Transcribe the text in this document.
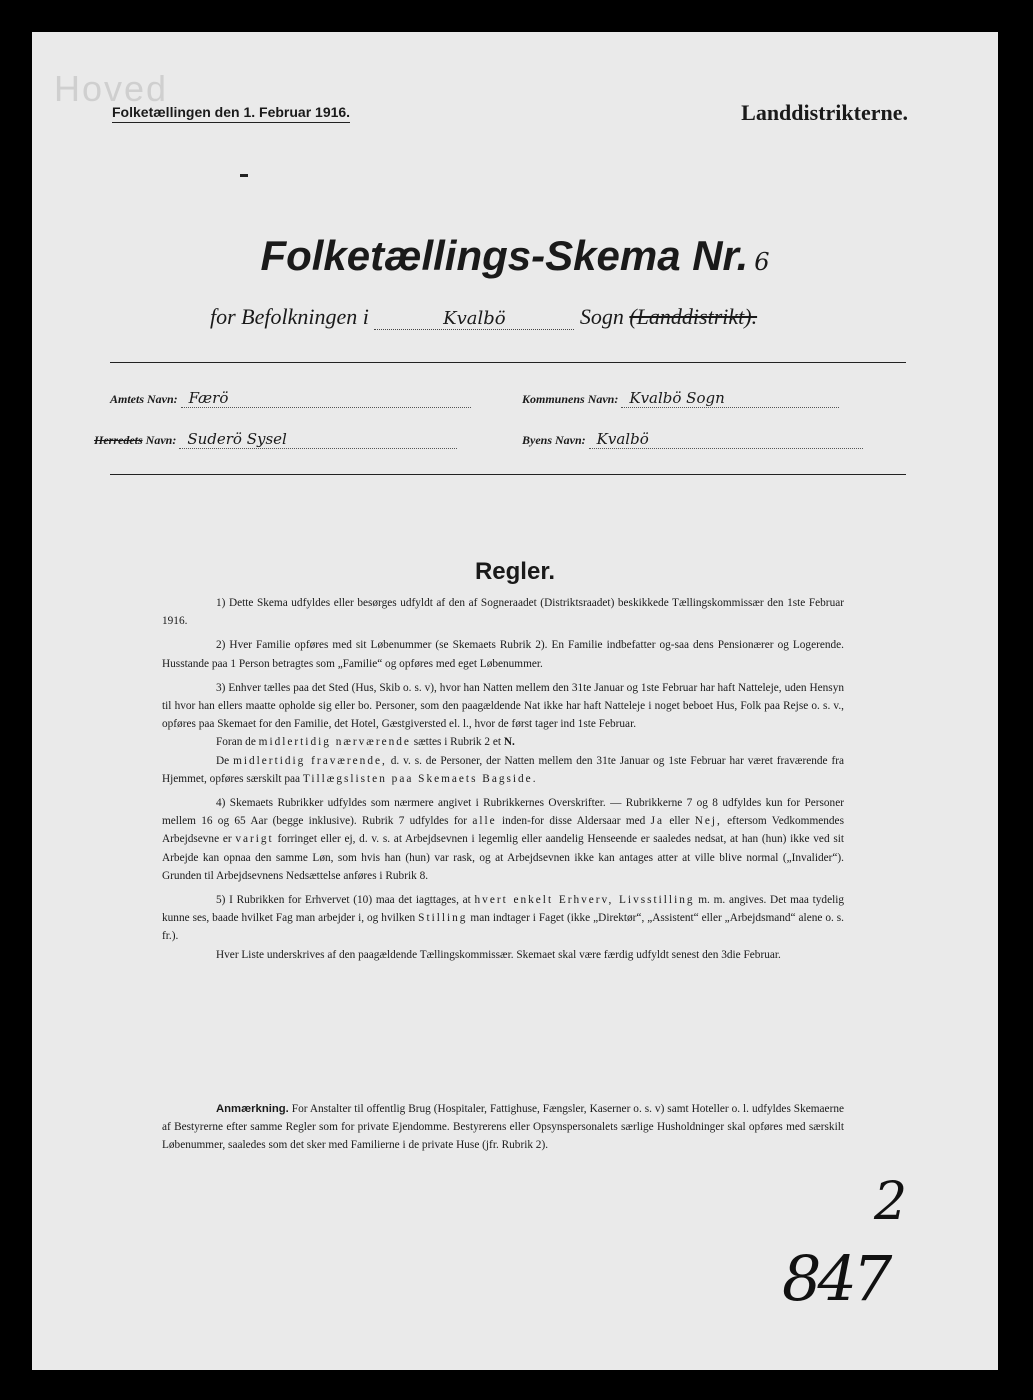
Hoved
Folketællingen den 1. Februar 1916.	Landdistrikterne.
Folketællings-Skema Nr. 6
for Befolkningen i	Kvalbö	Sogn (Landdistrikt).
Amtets Navn: Færö	Kommunens Navn: Kvalbö Sogn
Herredets Navn: Suderö Sysel	Byens Navn: Kvalbö
Regler.

1) Dette Skema udfyldes eller besørges udfyldt af den af Sogneraadet (Distriktsraadet) beskikkede Tællingskommissær den 1ste Februar 1916.

2) Hver Familie opføres med sit Løbenummer (se Skemaets Rubrik 2). En Familie indbefatter og-saa dens Pensionærer og Logerende. Husstande paa 1 Person betragtes som „Familie“ og opføres med eget Løbenummer.

3) Enhver tælles paa det Sted (Hus, Skib o. s. v), hvor han Natten mellem den 31te Januar og 1ste Februar har haft Natteleje, uden Hensyn til hvor han ellers maatte opholde sig eller bo. Personer, som den paagældende Nat ikke har haft Natteleje i noget beboet Hus, Folk paa Rejse o. s. v., opføres paa Skemaet for den Familie, det Hotel, Gæstgiversted el. l., hvor de først tager ind 1ste Februar.

Foran de midlertidig nærværende sættes i Rubrik 2 et N.

De midlertidig fraværende, d. v. s. de Personer, der Natten mellem den 31te Januar og 1ste Februar har været fraværende fra Hjemmet, opføres særskilt paa Tillægslisten paa Skemaets Bagside.

4) Skemaets Rubrikker udfyldes som nærmere angivet i Rubrikkernes Overskrifter. — Rubrikkerne 7 og 8 udfyldes kun for Personer mellem 16 og 65 Aar (begge inklusive). Rubrik 7 udfyldes for alle inden-for disse Aldersaar med Ja eller Nej, eftersom Vedkommendes Arbejdsevne er varigt forringet eller ej, d. v. s. at Arbejdsevnen i legemlig eller aandelig Henseende er saaledes nedsat, at han (hun) ikke ved sit Arbejde kan opnaa den samme Løn, som hvis han (hun) var rask, og at Arbejdsevnen ikke kan antages atter at ville blive normal („Invalider“). Grunden til Arbejdsevnens Nedsættelse anføres i Rubrik 8.

5) I Rubrikken for Erhvervet (10) maa det iagttages, at hvert enkelt Erhverv, Livsstilling m. m. angives. Det maa tydelig kunne ses, baade hvilket Fag man arbejder i, og hvilken Stilling man indtager i Faget (ikke „Direktør“, „Assistent“ eller „Arbejdsmand“ alene o. s. fr.).

Hver Liste underskrives af den paagældende Tællingskommissær. Skemaet skal være færdig udfyldt senest den 3die Februar.

Anmærkning. For Anstalter til offentlig Brug (Hospitaler, Fattighuse, Fængsler, Kaserner o. s. v) samt Hoteller o. l. udfyldes Skemaerne af Bestyrerne efter samme Regler som for private Ejendomme. Bestyrerens eller Opsynspersonalets særlige Husholdninger skal opføres med særskilt Løbenummer, saaledes som det sker med Familierne i de private Huse (jfr. Rubrik 2).
2
847
